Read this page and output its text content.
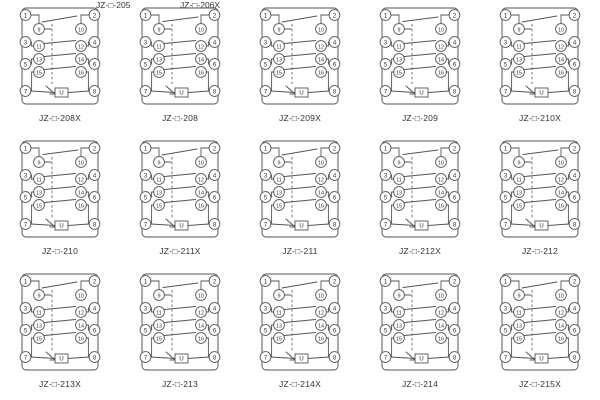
JZ-□-205	JZ-□-206X
1	2
3	4
5	6
7	8
9	10
11	12
13	14
15	16
U
JZ-□-208X
1	2
3	4
5	6
7	8
9	10
11	12
13	14
15	16
U
JZ-□-208
1	2
3	4
5	6
7	8
9	10
11	12
13	14
15	16
U
JZ-□-209X
1	2
3	4
5	6
7	8
9	10
11	12
13	14
15	16
U
JZ-□-209
1	2
3	4
5	6
7	8
9	10
11	12
13	14
15	16
U
JZ-□-210X
1	2
3	4
5	6
7	8
9	10
11	12
13	14
15	16
U
JZ-□-210
1	2
3	4
5	6
7	8
9	10
11	12
13	14
15	16
U
JZ-□-211X
1	2
3	4
5	6
7	8
9	10
11	12
13	14
15	16
U
JZ-□-211
1	2
3	4
5	6
7	8
9	10
11	12
13	14
15	16
U
JZ-□-212X
1	2
3	4
5	6
7	8
9	10
11	12
13	14
15	16
U
JZ-□-212
1	2
3	4
5	6
7	8
9	10
11	12
13	14
15	16
U
JZ-□-213X
1	2
3	4
5	6
7	8
9	10
11	12
13	14
15	16
U
JZ-□-213
1	2
3	4
5	6
7	8
9	10
11	12
13	14
15	16
U
JZ-□-214X
1	2
3	4
5	6
7	8
9	10
11	12
13	14
15	16
U
JZ-□-214
1	2
3	4
5	6
7	8
9	10
11	12
13	14
15	16
U
JZ-□-215X
